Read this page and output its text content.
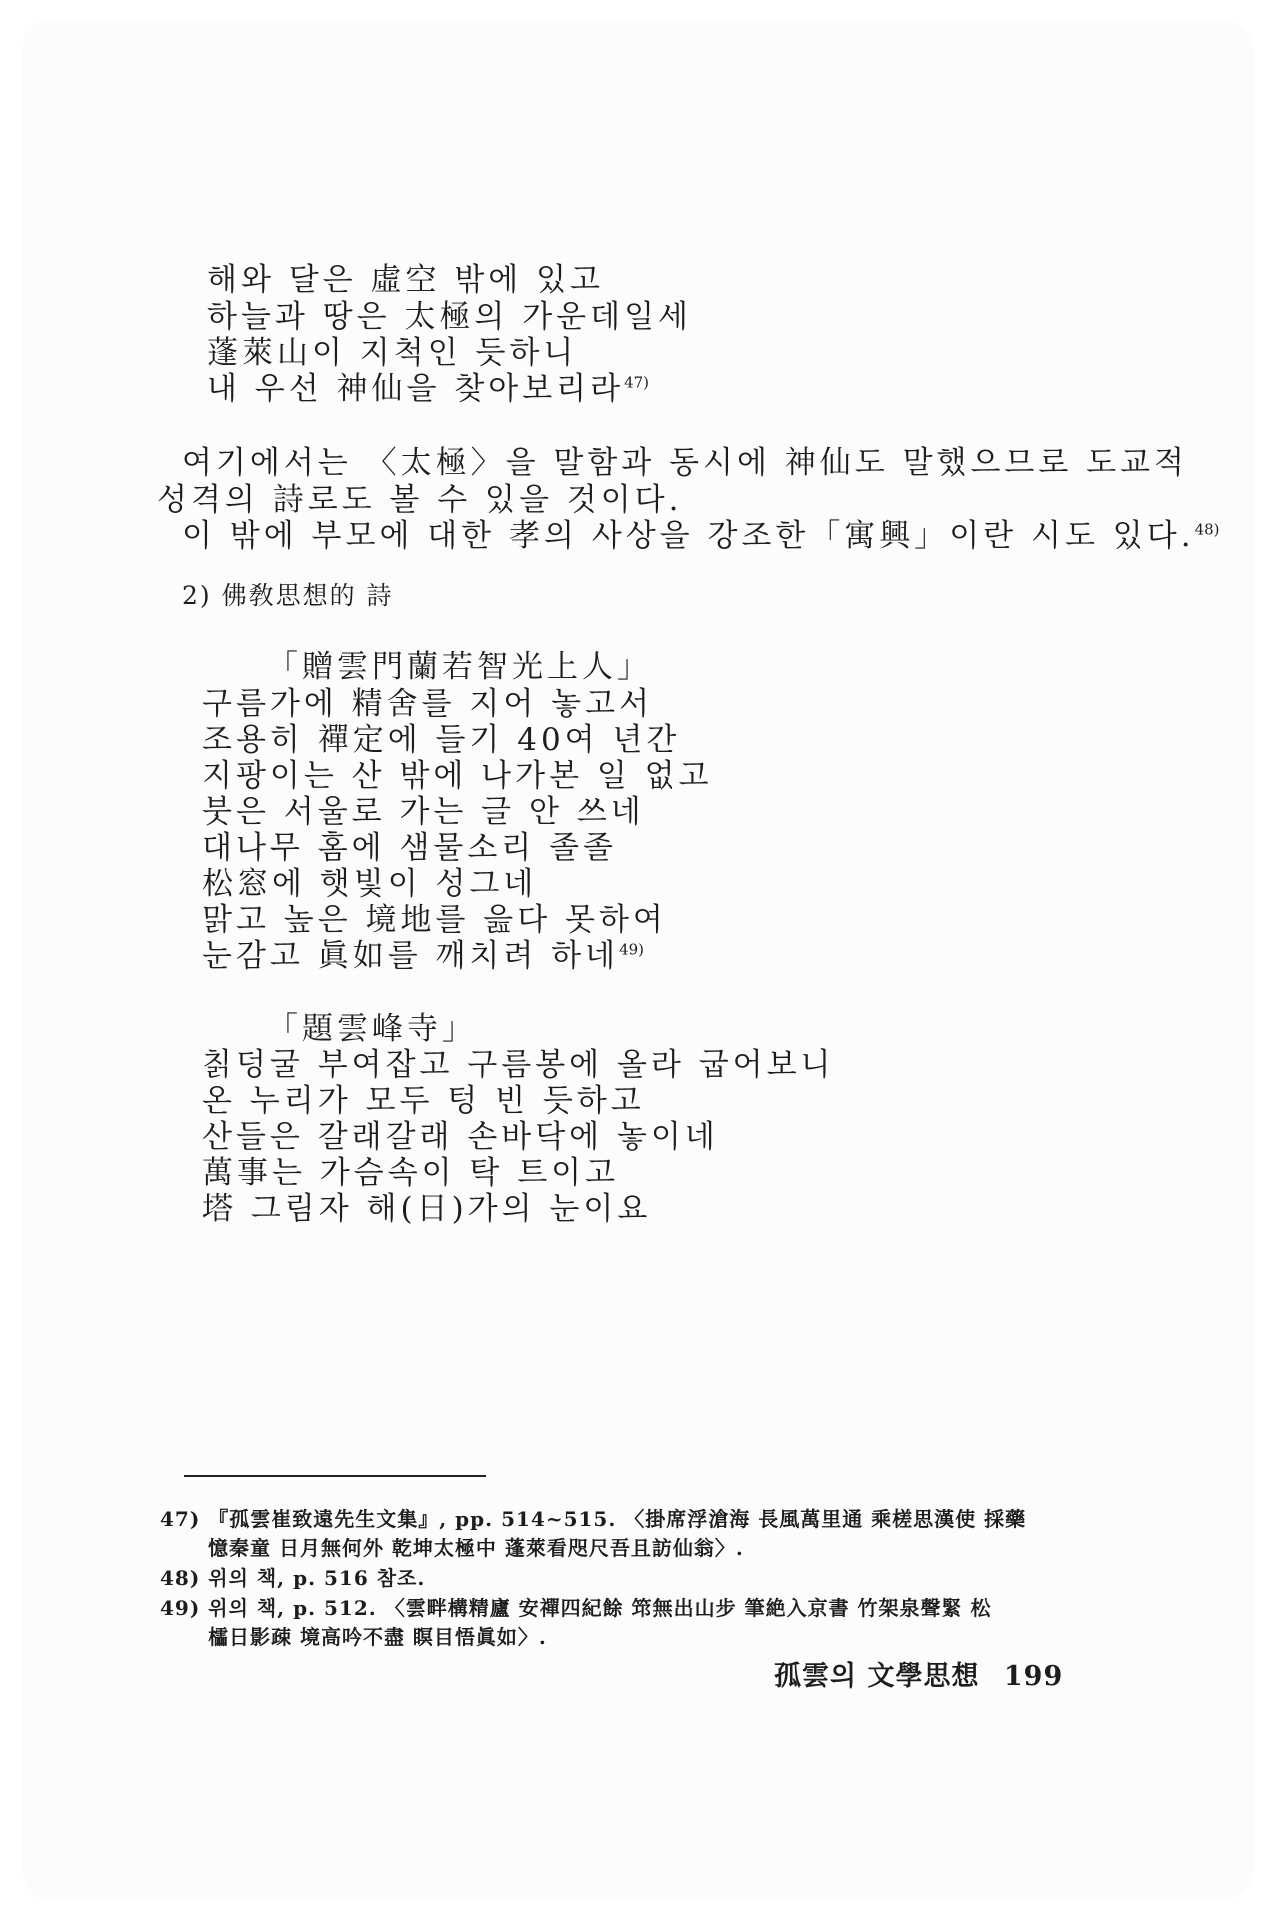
해와 달은 虛空 밖에 있고
하늘과 땅은 太極의 가운데일세
蓬萊山이 지척인 듯하니
내 우선 神仙을 찾아보리라$^{47)}$
여기에서는 〈太極〉을 말함과 동시에 神仙도 말했으므로 도교적
성격의 詩로도 볼 수 있을 것이다.
이 밖에 부모에 대한 孝의 사상을 강조한「寓興」이란 시도 있다.$^{48)}$
2) 佛敎思想的 詩
「贈雲門蘭若智光上人」
구름가에 精舍를 지어 놓고서
조용히 禪定에 들기 40여 년간
지팡이는 산 밖에 나가본 일 없고
붓은 서울로 가는 글 안 쓰네
대나무 홈에 샘물소리 졸졸
松窓에 햇빛이 성그네
맑고 높은 境地를 읊다 못하여
눈감고 眞如를 깨치려 하네$^{49)}$
「題雲峰寺」
칡덩굴 부여잡고 구름봉에 올라 굽어보니
온 누리가 모두 텅 빈 듯하고
산들은 갈래갈래 손바닥에 놓이네
萬事는 가슴속이 탁 트이고
塔 그림자 해(日)가의 눈이요
47) 『孤雲崔致遠先生文集』, pp. 514~515. 〈掛席浮滄海 長風萬里通 乘槎思漢使 採藥
憶秦童 日月無何外 乾坤太極中 蓬萊看咫尺吾且訪仙翁〉.
48) 위의 책, p. 516 참조.
49) 위의 책, p. 512. 〈雲畔構精廬 安禪四紀餘 筇無出山步 筆絶入京書 竹架泉聲緊 松
櫺日影疎 境高吟不盡 瞑目悟眞如〉.
孤雲의 文學思想 199
